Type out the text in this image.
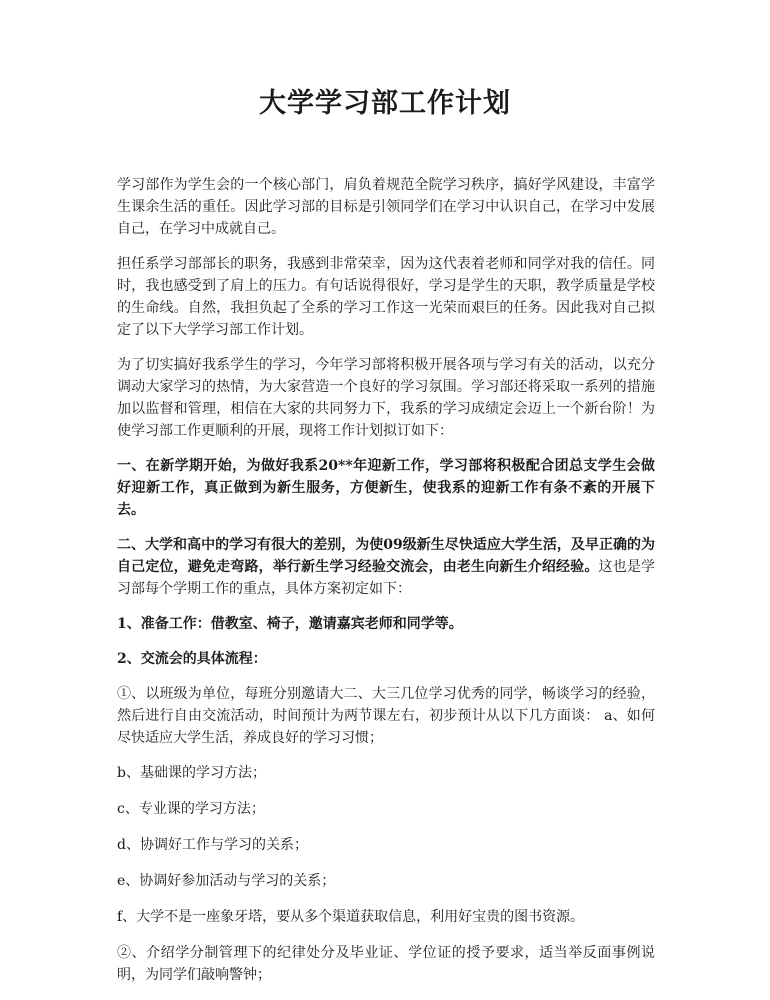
大学学习部工作计划

学习部作为学生会的一个核心部门，肩负着规范全院学习秩序，搞好学风建设，丰富学生课余生活的重任。因此学习部的目标是引领同学们在学习中认识自己，在学习中发展自己，在学习中成就自己。

担任系学习部部长的职务，我感到非常荣幸，因为这代表着老师和同学对我的信任。同时，我也感受到了肩上的压力。有句话说得很好，学习是学生的天职，教学质量是学校的生命线。自然，我担负起了全系的学习工作这一光荣而艰巨的任务。因此我对自己拟定了以下大学学习部工作计划。

为了切实搞好我系学生的学习，今年学习部将积极开展各项与学习有关的活动，以充分调动大家学习的热情，为大家营造一个良好的学习氛围。学习部还将采取一系列的措施加以监督和管理，相信在大家的共同努力下，我系的学习成绩定会迈上一个新台阶！为使学习部工作更顺利的开展，现将工作计划拟订如下：

一、在新学期开始，为做好我系20**年迎新工作，学习部将积极配合团总支学生会做好迎新工作，真正做到为新生服务，方便新生，使我系的迎新工作有条不紊的开展下去。

二、大学和高中的学习有很大的差别，为使09级新生尽快适应大学生活，及早正确的为自己定位，避免走弯路，举行新生学习经验交流会，由老生向新生介绍经验。这也是学习部每个学期工作的重点，具体方案初定如下：

1、准备工作：借教室、椅子，邀请嘉宾老师和同学等。

2、交流会的具体流程：

①、以班级为单位，每班分别邀请大二、大三几位学习优秀的同学，畅谈学习的经验，然后进行自由交流活动，时间预计为两节课左右，初步预计从以下几方面谈： a、如何尽快适应大学生活，养成良好的学习习惯；

b、基础课的学习方法；

c、专业课的学习方法；

d、协调好工作与学习的关系；

e、协调好参加活动与学习的关系；

f、大学不是一座象牙塔，要从多个渠道获取信息，利用好宝贵的图书资源。

②、介绍学分制管理下的纪律处分及毕业证、学位证的授予要求，适当举反面事例说明，为同学们敲响警钟；
